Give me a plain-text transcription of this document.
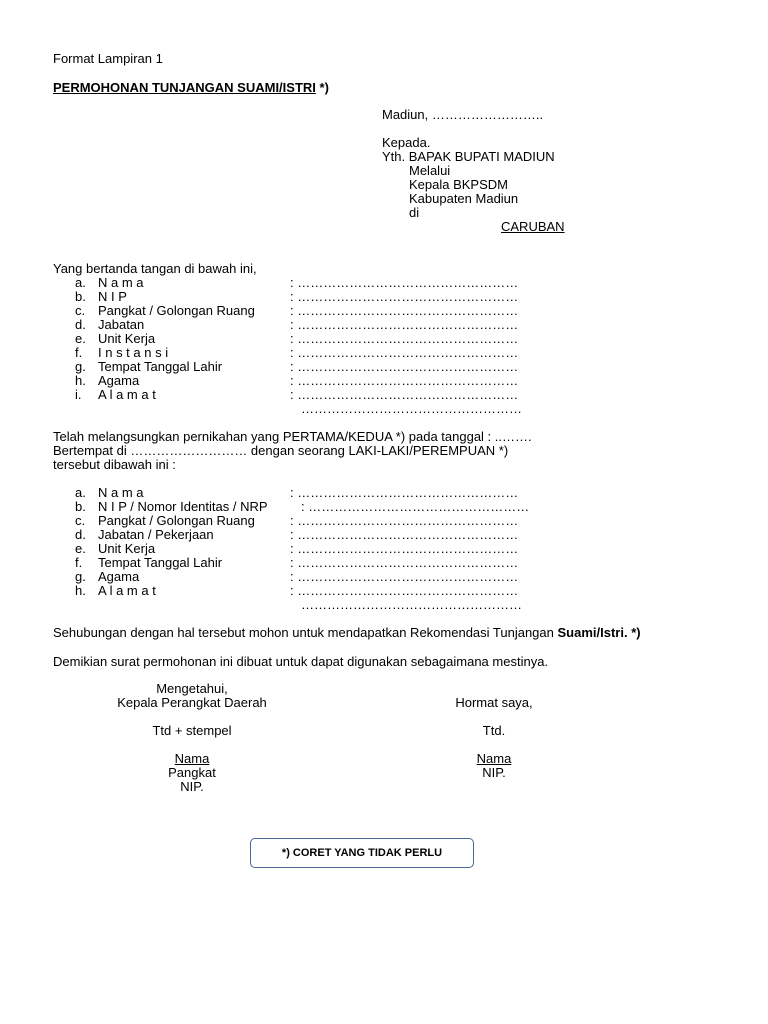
Format Lampiran 1
PERMOHONAN TUNJANGAN SUAMI/ISTRI *)
Madiun, ……………………..
Kepada.
Yth. BAPAK BUPATI MADIUN
Melalui
Kepala BKPSDM
Kabupaten Madiun
di
CARUBAN
Yang bertanda tangan di bawah ini,
a. N a m a	: ……………………………………………
b. N I P	: ……………………………………………
c. Pangkat / Golongan Ruang	: ……………………………………………
d. Jabatan	: ……………………………………………
e. Unit Kerja	: ……………………………………………
f. I n s t a n s i	: ……………………………………………
g. Tempat Tanggal Lahir	: ……………………………………………
h. Agama	: ……………………………………………
i. A l a m a t	: ……………………………………………
……………………………………………
Telah melangsungkan pernikahan yang PERTAMA/KEDUA *) pada tanggal : ..…….
Bertempat di ……………………… dengan seorang LAKI-LAKI/PEREMPUAN *)
tersebut dibawah ini :
a. N a m a	: ……………………………………………
b. N I P / Nomor Identitas / NRP	: ……………………………………………
c. Pangkat / Golongan Ruang	: ……………………………………………
d. Jabatan / Pekerjaan	: ……………………………………………
e. Unit Kerja	: ……………………………………………
f. Tempat Tanggal Lahir	: ……………………………………………
g. Agama	: ……………………………………………
h. A l a m a t	: ……………………………………………
……………………………………………
Sehubungan dengan hal tersebut mohon untuk mendapatkan Rekomendasi Tunjangan Suami/Istri. *)
Demikian surat permohonan ini dibuat untuk dapat digunakan sebagaimana mestinya.
Mengetahui,
Kepala Perangkat Daerah
Ttd + stempel
Nama
Pangkat
NIP.
Hormat saya,
Ttd.
Nama
NIP.
*) CORET YANG TIDAK PERLU
